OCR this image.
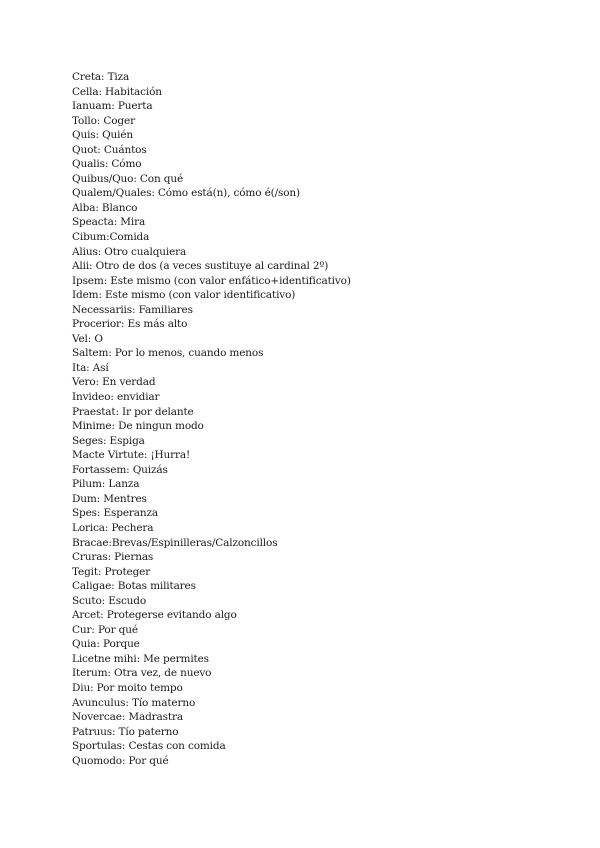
Creta: Tiza
Cella: Habitación
Ianuam: Puerta
Tollo: Coger
Quis: Quién
Quot: Cuántos
Qualis: Cómo
Quibus/Quo: Con qué
Qualem/Quales: Cómo está(n), cómo é(/son)
Alba: Blanco
Speacta: Mira
Cibum:Comida
Alius: Otro cualquiera
Alii: Otro de dos (a veces sustituye al cardinal 2º)
Ipsem: Este mismo (con valor enfático+identificativo)
Idem: Este mismo (con valor identificativo)
Necessariis: Familiares
Procerior: Es más alto
Vel: O
Saltem: Por lo menos, cuando menos
Ita: Así
Vero: En verdad
Invideo: envidiar
Praestat: Ir por delante
Minime: De ningun modo
Seges: Espiga
Macte Virtute: ¡Hurra!
Fortassem: Quizás
Pilum: Lanza
Dum: Mentres
Spes: Esperanza
Lorica: Pechera
Bracae:Brevas/Espinilleras/Calzoncillos
Cruras: Piernas
Tegit: Proteger
Caligae: Botas militares
Scuto: Escudo
Arcet: Protegerse evitando algo
Cur: Por qué
Quia: Porque
Licetne mihi: Me permites
Iterum: Otra vez, de nuevo
Diu: Por moito tempo
Avunculus: Tío materno
Novercae: Madrastra
Patruus: Tío paterno
Sportulas: Cestas con comida
Quomodo: Por qué
